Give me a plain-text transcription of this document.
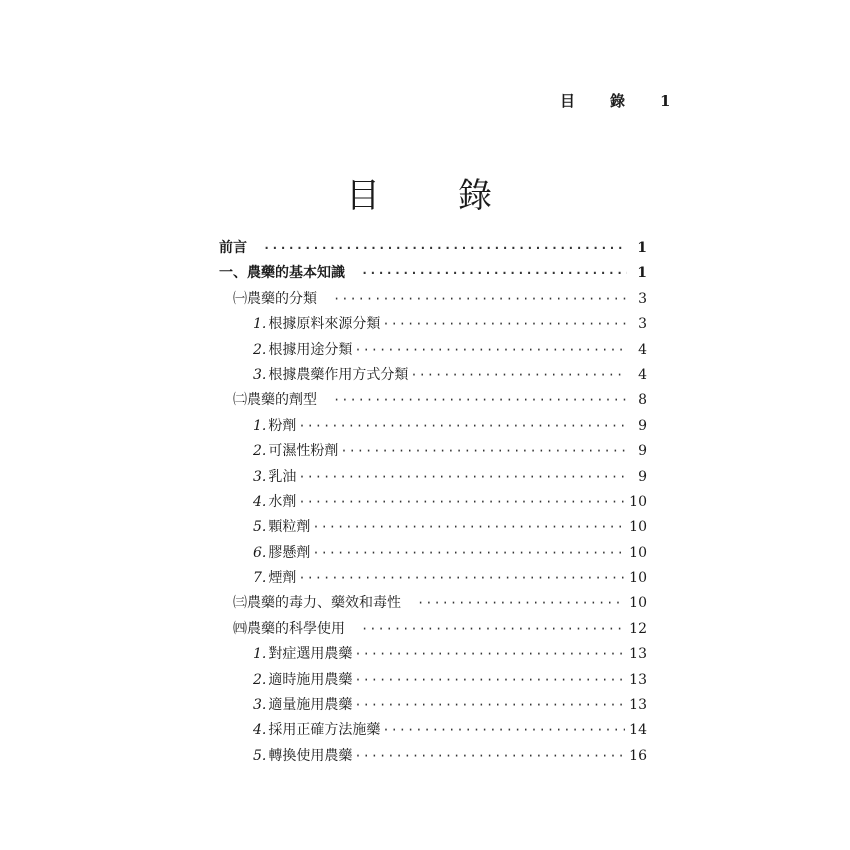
目　錄　1
目　錄
前言 ·····	1
一、農藥的基本知識 ·····	1
㈠農藥的分類 ·····	3
1. 根據原料來源分類 ·····	3
2. 根據用途分類 ·····	4
3. 根據農藥作用方式分類 ·····	4
㈡農藥的劑型 ·····	8
1. 粉劑 ·····	9
2. 可濕性粉劑 ·····	9
3. 乳油 ·····	9
4. 水劑 ·····	10
5. 顆粒劑 ·····	10
6. 膠懸劑 ·····	10
7. 煙劑 ·····	10
㈢農藥的毒力、藥效和毒性 ·····	10
㈣農藥的科學使用 ·····	12
1. 對症選用農藥 ·····	13
2. 適時施用農藥 ·····	13
3. 適量施用農藥 ·····	13
4. 採用正確方法施藥 ·····	14
5. 轉換使用農藥 ·····	16
